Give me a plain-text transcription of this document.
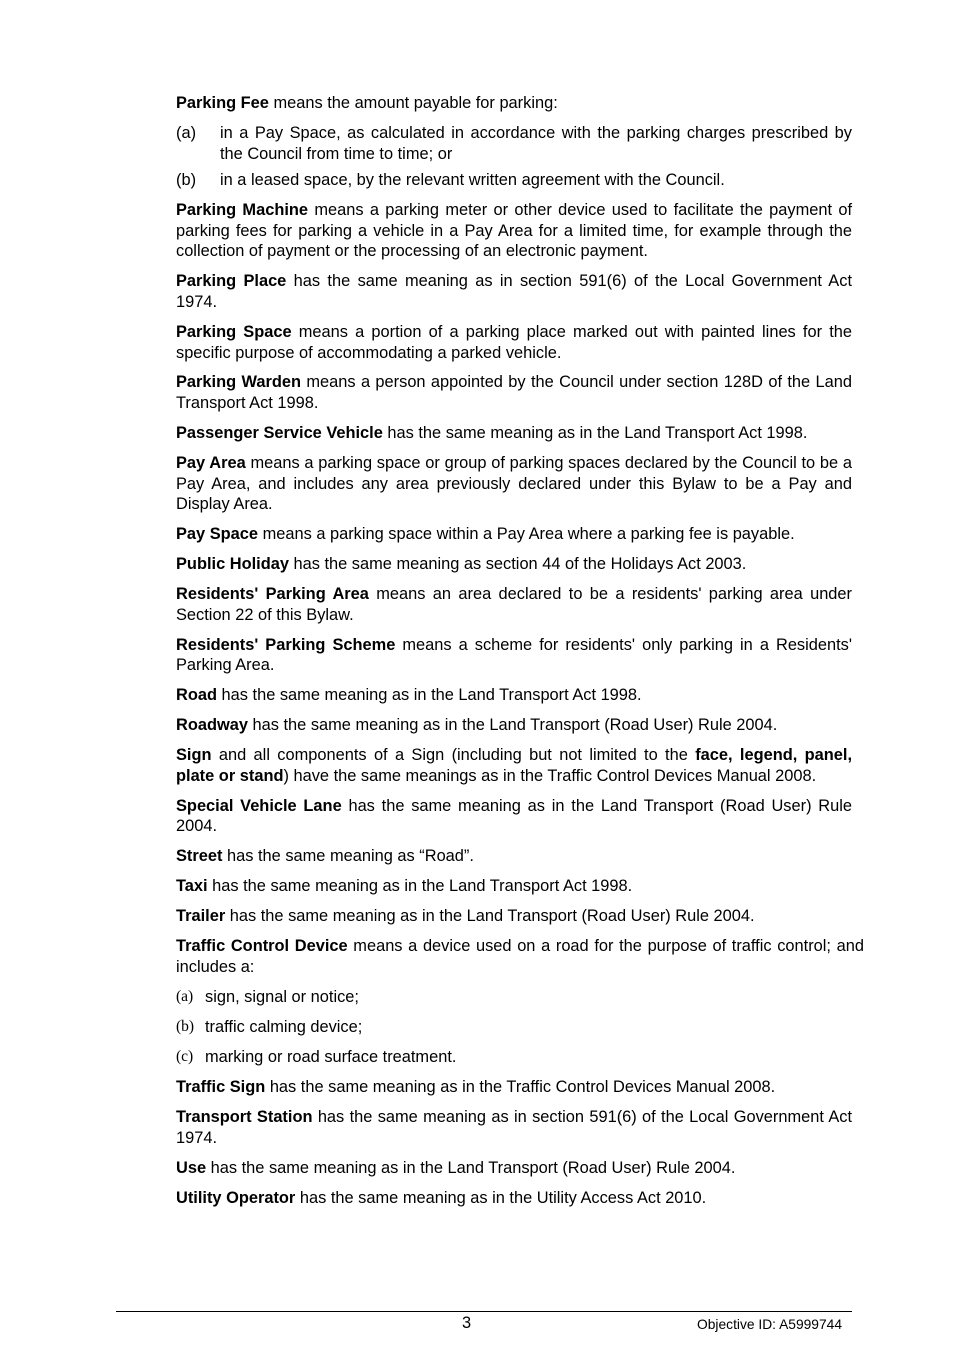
Parking Fee means the amount payable for parking:

(a)	in a Pay Space, as calculated in accordance with the parking charges prescribed by the Council from time to time; or
(b)	in a leased space, by the relevant written agreement with the Council.

Parking Machine means a parking meter or other device used to facilitate the payment of parking fees for parking a vehicle in a Pay Area for a limited time, for example through the collection of payment or the processing of an electronic payment.

Parking Place has the same meaning as in section 591(6) of the Local Government Act 1974.

Parking Space means a portion of a parking place marked out with painted lines for the specific purpose of accommodating a parked vehicle.

Parking Warden means a person appointed by the Council under section 128D of the Land Transport Act 1998.

Passenger Service Vehicle has the same meaning as in the Land Transport Act 1998.

Pay Area means a parking space or group of parking spaces declared by the Council to be a Pay Area, and includes any area previously declared under this Bylaw to be a Pay and Display Area.

Pay Space means a parking space within a Pay Area where a parking fee is payable.

Public Holiday has the same meaning as section 44 of the Holidays Act 2003.

Residents' Parking Area means an area declared to be a residents' parking area under Section 22 of this Bylaw.

Residents' Parking Scheme means a scheme for residents' only parking in a Residents' Parking Area.

Road has the same meaning as in the Land Transport Act 1998.

Roadway has the same meaning as in the Land Transport (Road User) Rule 2004.

Sign and all components of a Sign (including but not limited to the face, legend, panel, plate or stand) have the same meanings as in the Traffic Control Devices Manual 2008.

Special Vehicle Lane has the same meaning as in the Land Transport (Road User) Rule 2004.

Street has the same meaning as “Road”.

Taxi has the same meaning as in the Land Transport Act 1998.

Trailer has the same meaning as in the Land Transport (Road User) Rule 2004.

Traffic Control Device means a device used on a road for the purpose of traffic control; and includes a:

(a) sign, signal or notice;
(b) traffic calming device;
(c) marking or road surface treatment.

Traffic Sign has the same meaning as in the Traffic Control Devices Manual 2008.

Transport Station has the same meaning as in section 591(6) of the Local Government Act 1974.

Use has the same meaning as in the Land Transport (Road User) Rule 2004.

Utility Operator has the same meaning as in the Utility Access Act 2010.

3	Objective ID: A5999744
